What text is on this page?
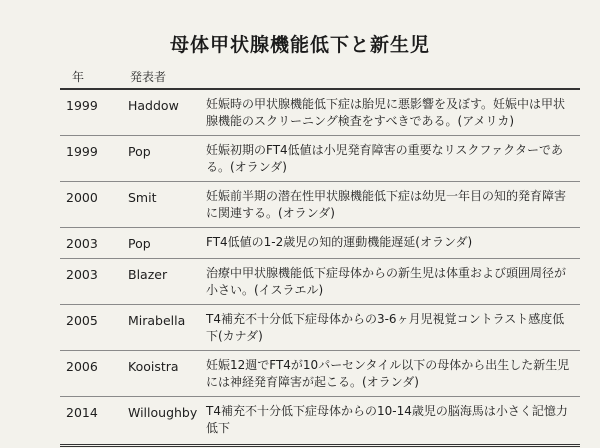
母体甲状腺機能低下と新生児
年	発表者
1999 Haddow 妊娠時の甲状腺機能低下症は胎児に悪影響を及ぼす。妊娠中は甲状腺機能のスクリーニング検査をすべきである。(アメリカ)
1999 Pop	妊娠初期のFT4低値は小児発育障害の重要なリスクファクターである。(オランダ)
2000 Smit	妊娠前半期の潜在性甲状腺機能低下症は幼児一年目の知的発育障害に関連する。(オランダ)
2003 Pop	FT4低値の1-2歳児の知的運動機能遅延(オランダ)
2003 Blazer	治療中甲状腺機能低下症母体からの新生児は体重および頭囲周径が小さい。(イスラエル)
2005 Mirabella T4補充不十分低下症母体からの3-6ヶ月児視覚コントラスト感度低下(カナダ)
2006 Kooistra 妊娠12週でFT4が10パーセンタイル以下の母体から出生した新生児には神経発育障害が起こる。(オランダ)
2014 Willoughby T4補充不十分低下症母体からの10-14歳児の脳海馬は小さく記憶力低下
